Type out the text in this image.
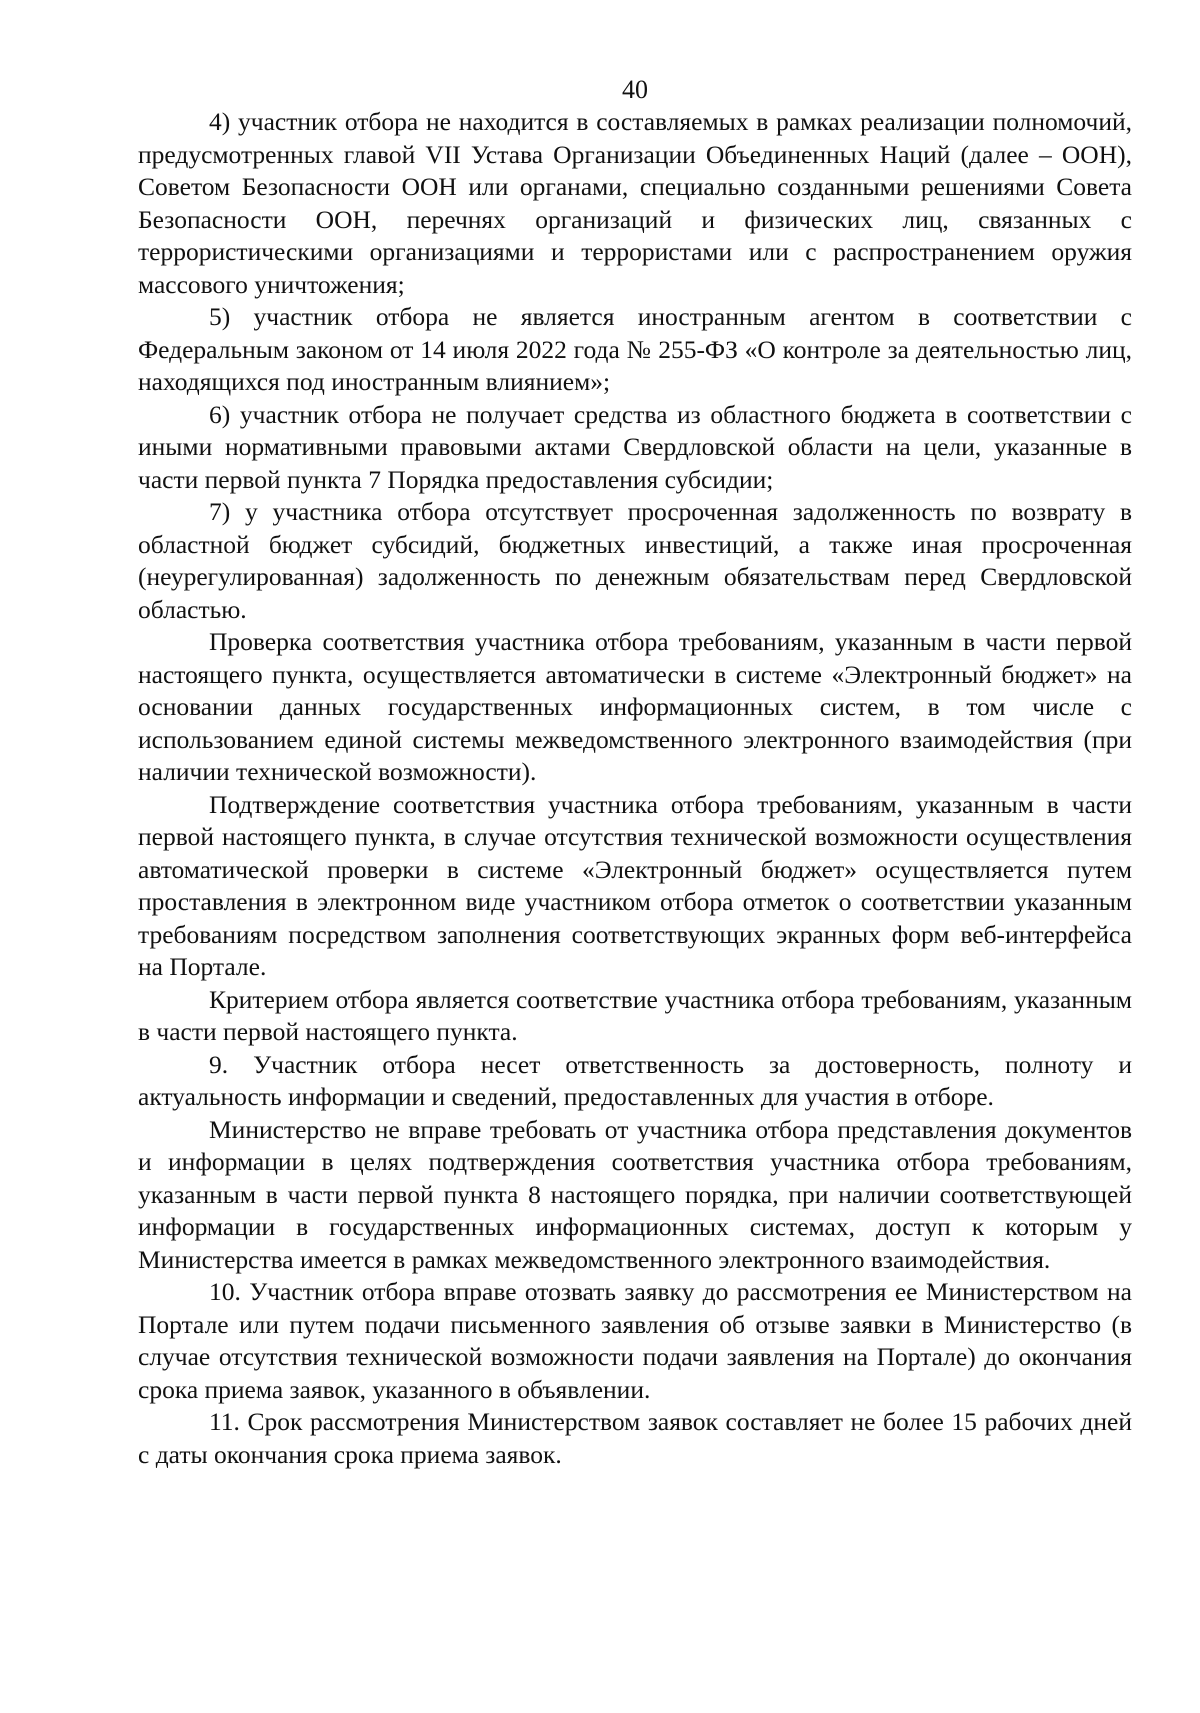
40

4) участник отбора не находится в составляемых в рамках реализации полномочий, предусмотренных главой VII Устава Организации Объединенных Наций (далее – ООН), Советом Безопасности ООН или органами, специально созданными решениями Совета Безопасности ООН, перечнях организаций и физических лиц, связанных с террористическими организациями и террористами или с распространением оружия массового уничтожения;

5) участник отбора не является иностранным агентом в соответствии с Федеральным законом от 14 июля 2022 года № 255-ФЗ «О контроле за деятельностью лиц, находящихся под иностранным влиянием»;

6) участник отбора не получает средства из областного бюджета в соответствии с иными нормативными правовыми актами Свердловской области на цели, указанные в части первой пункта 7 Порядка предоставления субсидии;

7) у участника отбора отсутствует просроченная задолженность по возврату в областной бюджет субсидий, бюджетных инвестиций, а также иная просроченная (неурегулированная) задолженность по денежным обязательствам перед Свердловской областью.

Проверка соответствия участника отбора требованиям, указанным в части первой настоящего пункта, осуществляется автоматически в системе «Электронный бюджет» на основании данных государственных информационных систем, в том числе с использованием единой системы межведомственного электронного взаимодействия (при наличии технической возможности).

Подтверждение соответствия участника отбора требованиям, указанным в части первой настоящего пункта, в случае отсутствия технической возможности осуществления автоматической проверки в системе «Электронный бюджет» осуществляется путем проставления в электронном виде участником отбора отметок о соответствии указанным требованиям посредством заполнения соответствующих экранных форм веб-интерфейса на Портале.

Критерием отбора является соответствие участника отбора требованиям, указанным в части первой настоящего пункта.

9. Участник отбора несет ответственность за достоверность, полноту и актуальность информации и сведений, предоставленных для участия в отборе.

Министерство не вправе требовать от участника отбора представления документов и информации в целях подтверждения соответствия участника отбора требованиям, указанным в части первой пункта 8 настоящего порядка, при наличии соответствующей информации в государственных информационных системах, доступ к которым у Министерства имеется в рамках межведомственного электронного взаимодействия.

10. Участник отбора вправе отозвать заявку до рассмотрения ее Министерством на Портале или путем подачи письменного заявления об отзыве заявки в Министерство (в случае отсутствия технической возможности подачи заявления на Портале) до окончания срока приема заявок, указанного в объявлении.

11. Срок рассмотрения Министерством заявок составляет не более 15 рабочих дней с даты окончания срока приема заявок.
